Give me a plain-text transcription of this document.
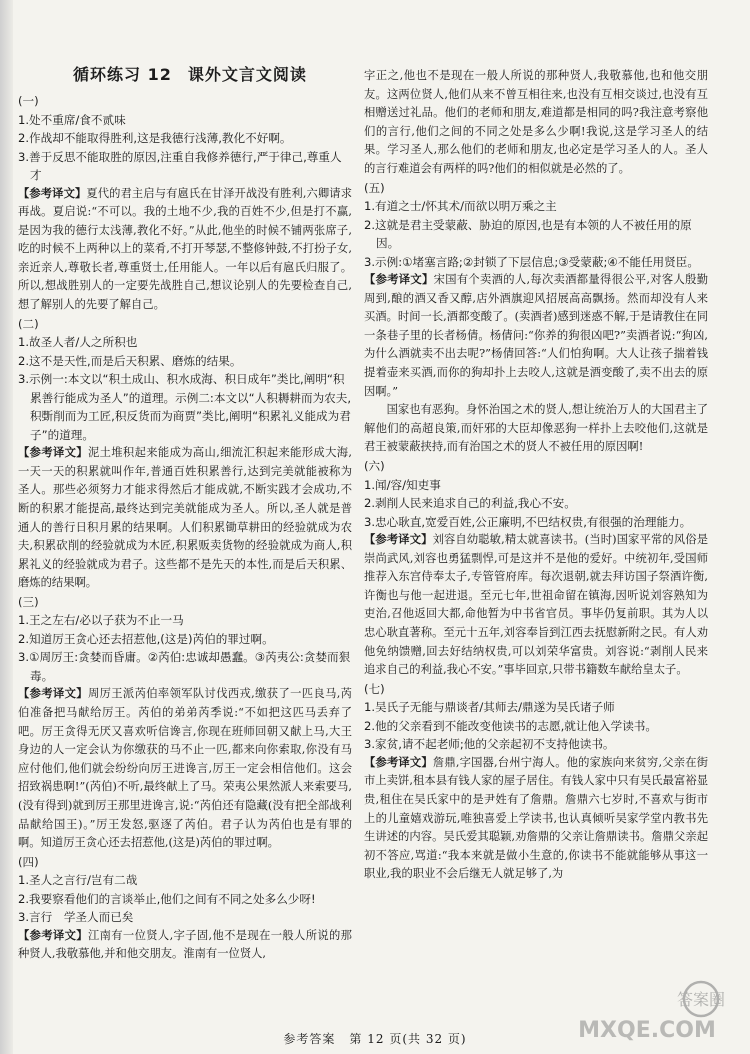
循环练习 12 课外文言文阅读

(一)

1.处不重席/食不贰味

2.作战却不能取得胜利,这是我德行浅薄,教化不好啊。

3.善于反思不能取胜的原因,注重自我修养德行,严于律己,尊重人才

【参考译文】夏代的君主启与有扈氏在甘泽开战没有胜利,六卿请求再战。夏启说:“不可以。我的土地不少,我的百姓不少,但是打不赢,是因为我的德行太浅薄,教化不好。”从此,他坐的时候不铺两张席子,吃的时候不上两种以上的菜肴,不打开琴瑟,不整修钟鼓,不打扮子女,亲近亲人,尊敬长者,尊重贤士,任用能人。一年以后有扈氏归服了。所以,想战胜别人的一定要先战胜自己,想议论别人的先要检查自己,想了解别人的先要了解自己。

(二)

1.故圣人者/人之所积也

2.这不是天性,而是后天积累、磨炼的结果。

3.示例一:本文以“积土成山、积水成海、积日成年”类比,阐明“积累善行能成为圣人”的道理。示例二:本文以“人积耨耕而为农夫,积斲削而为工匠,积反货而为商贾”类比,阐明“积累礼义能成为君子”的道理。

【参考译文】泥土堆积起来能成为高山,细流汇积起来能形成大海,一天一天的积累就叫作年,普通百姓积累善行,达到完美就能被称为圣人。那些必须努力才能求得然后才能成就,不断实践才会成功,不断的积累才能提高,最终达到完美就能成为圣人。所以,圣人就是普通人的善行日积月累的结果啊。人们积累锄草耕田的经验就成为农夫,积累砍削的经验就成为木匠,积累贩卖货物的经验就成为商人,积累礼义的经验就成为君子。这些都不是先天的本性,而是后天积累、磨炼的结果啊。

(三)

1.王之左右/必以子获为不止一马

2.知道厉王贪心还去招惹他,(这是)芮伯的罪过啊。

3.①周厉王:贪婪而昏庸。②芮伯:忠诚却愚蠢。③芮夷公:贪婪而狠毒。

【参考译文】周厉王派芮伯率领军队讨伐西戎,缴获了一匹良马,芮伯准备把马献给厉王。芮伯的弟弟芮季说:“不如把这匹马丢弃了吧。厉王贪得无厌又喜欢听信谗言,你现在班师回朝又献上马,大王身边的人一定会认为你缴获的马不止一匹,都来向你索取,你没有马应付他们,他们就会纷纷向厉王进谗言,厉王一定会相信他们。这会招致祸患啊!”(芮伯)不听,最终献上了马。荣夷公果然派人来索要马,(没有得到)就到厉王那里进谗言,说:“芮伯还有隐藏(没有把全部战利品献给国王)。”厉王发怒,驱逐了芮伯。君子认为芮伯也是有罪的啊。知道厉王贪心还去招惹他,(这是)芮伯的罪过啊。

(四)

1.圣人之言行/岂有二哉

2.我要察看他们的言谈举止,他们之间有不同之处多么少呀!

3.言行　学圣人而已矣

【参考译文】江南有一位贤人,字子固,他不是现在一般人所说的那种贤人,我敬慕他,并和他交朋友。淮南有一位贤人,

字正之,他也不是现在一般人所说的那种贤人,我敬慕他,也和他交朋友。这两位贤人,他们从来不曾互相往来,也没有互相交谈过,也没有互相赠送过礼品。他们的老师和朋友,难道都是相同的吗?我注意考察他们的言行,他们之间的不同之处是多么少啊!我说,这是学习圣人的结果。学习圣人,那么他们的老师和朋友,也必定是学习圣人的人。圣人的言行难道会有两样的吗?他们的相似就是必然的了。

(五)

1.有道之士/怀其术/而欲以明万乘之主

2.这就是君主受蒙蔽、胁迫的原因,也是有本领的人不被任用的原因。

3.示例:①堵塞言路;②封锁了下层信息;③受蒙蔽;④不能任用贤臣。

【参考译文】宋国有个卖酒的人,每次卖酒都量得很公平,对客人殷勤周到,酿的酒又香又醇,店外酒旗迎风招展高高飘扬。然而却没有人来买酒。时间一长,酒都变酸了。(卖酒者)感到迷惑不解,于是请教住在同一条巷子里的长者杨倩。杨倩问:“你养的狗很凶吧?”卖酒者说:“狗凶,为什么酒就卖不出去呢?”杨倩回答:“人们怕狗啊。大人让孩子揣着钱提着壶来买酒,而你的狗却扑上去咬人,这就是酒变酸了,卖不出去的原因啊。”

国家也有恶狗。身怀治国之术的贤人,想让统治万人的大国君主了解他们的高超良策,而奸邪的大臣却像恶狗一样扑上去咬他们,这就是君王被蒙蔽挟持,而有治国之术的贤人不被任用的原因啊!

(六)

1.闻/容/知吏事

2.剥削人民来追求自己的利益,我心不安。

3.忠心耿直,宽爱百姓,公正廉明,不巴结权贵,有很强的治理能力。

【参考译文】刘容自幼聪敏,精太就喜读书。(当时)国家平常的风俗是崇尚武风,刘容也勇猛剽悍,可是这并不是他的爱好。中统初年,受国师推荐入东宫侍奉太子,专管管府库。每次退朝,就去拜访国子祭酒许衡,许衡也与他一起进退。至元七年,世祖命留在镇海,因听说刘容熟知为吏治,召他返回大都,命他暂为中书省官员。事毕仍复前职。其为人以忠心耿直著称。至元十五年,刘容奉旨到江西去抚慰新附之民。有人劝他免纳馈赠,回去好结纳权贵,可以刘荣华富贵。刘容说:“剥削人民来追求自己的利益,我心不安。”事毕回京,只带书籍数车献给皇太子。

(七)

1.吴氏子无能与鼎谈者/其师去/鼎遂为吴氏诸子师

2.他的父亲看到不能改变他读书的志愿,就让他入学读书。

3.家贫,请不起老师;他的父亲起初不支持他读书。

【参考译文】詹鼎,字国器,台州宁海人。他的家族向来贫穷,父亲在街市上卖饼,租本县有钱人家的屋子居住。有钱人家中只有吴氏最富裕显贵,租住在吴氏家中的是尹姓有了詹鼎。詹鼎六七岁时,不喜欢与街市上的儿童嬉戏游玩,唯独喜爱上学读书,也认真倾听吴家学堂内教书先生讲述的内容。吴氏爱其聪颖,劝詹鼎的父亲让詹鼎读书。詹鼎父亲起初不答应,骂道:“我本来就是做小生意的,你读书不能就能够从事这一职业,我的职业不会后继无人就足够了,为

答案圈
MXQE.COM
参考答案 第 12 页(共 32 页)
